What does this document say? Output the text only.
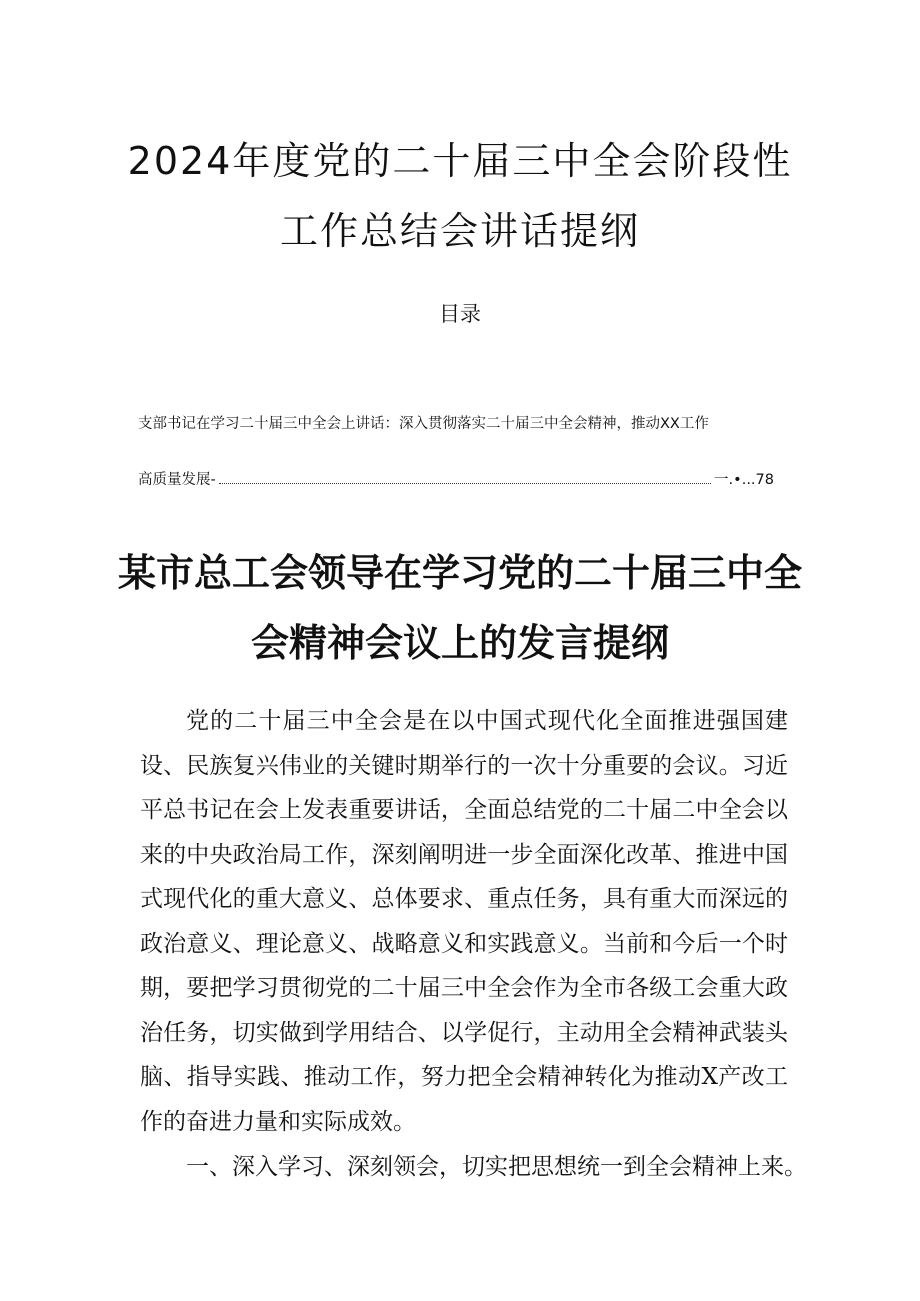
2024年度党的二十届三中全会阶段性
工作总结会讲话提纲
目录
支部书记在学习二十届三中全会上讲话：深入贯彻落实二十届三中全会精神，推动XX工作
高质量发展-	一.•...78
某市总工会领导在学习党的二十届三中全
会精神会议上的发言提纲

党的二十届三中全会是在以中国式现代化全面推进强国建设、民族复兴伟业的关键时期举行的一次十分重要的会议。习近平总书记在会上发表重要讲话，全面总结党的二十届二中全会以来的中央政治局工作，深刻阐明进一步全面深化改革、推进中国式现代化的重大意义、总体要求、重点任务，具有重大而深远的政治意义、理论意义、战略意义和实践意义。当前和今后一个时期，要把学习贯彻党的二十届三中全会作为全市各级工会重大政治任务，切实做到学用结合、以学促行，主动用全会精神武装头脑、指导实践、推动工作，努力把全会精神转化为推动X产改工作的奋进力量和实际成效。

一、深入学习、深刻领会，切实把思想统一到全会精神上来。
